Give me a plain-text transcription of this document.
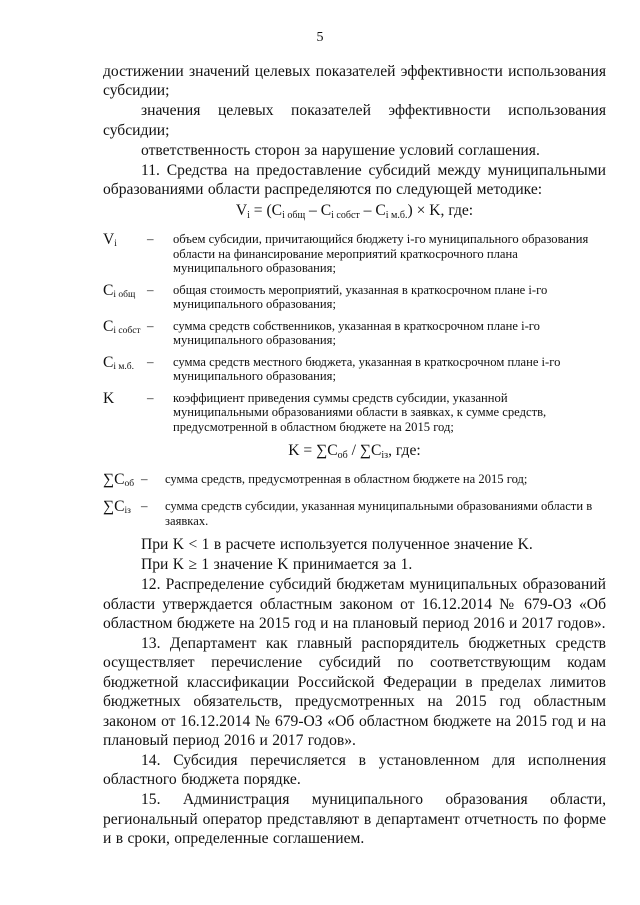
5

достижении значений целевых показателей эффективности использования субсидии;

значения целевых показателей эффективности использования субсидии;

ответственность сторон за нарушение условий соглашения.

11. Средства на предоставление субсидий между муниципальными образованиями области распределяются по следующей методике:

$V_i = (C_{i общ} - C_{i собст} - C_{i м.б.}) \times K$, где:
$V_i$	–	объем субсидии, причитающийся бюджету i-го муниципального образования области на финансирование мероприятий краткосрочного плана муниципального образования;
$C_{i общ}$ –	общая стоимость мероприятий, указанная в краткосрочном плане i-го муниципального образования;
$C_{i собст}$ –	сумма средств собственников, указанная в краткосрочном плане i-го муниципального образования;
$C_{i м.б.}$ –	сумма средств местного бюджета, указанная в краткосрочном плане i-го муниципального образования;
K	–	коэффициент приведения суммы средств субсидии, указанной муниципальными образованиями области в заявках, к сумме средств, предусмотренной в областном бюджете на 2015 год;
$K = \sum C_{об} / \sum C_{iз}$, где:
$\sum C_{об}$ –	сумма средств, предусмотренная в областном бюджете на 2015 год;
$\sum C_{iз}$ –	сумма средств субсидии, указанная муниципальными образованиями области в заявках.

При K < 1 в расчете используется полученное значение K.

При K ≥ 1 значение K принимается за 1.

12. Распределение субсидий бюджетам муниципальных образований области утверждается областным законом от 16.12.2014 № 679-ОЗ «Об областном бюджете на 2015 год и на плановый период 2016 и 2017 годов».

13. Департамент как главный распорядитель бюджетных средств осуществляет перечисление субсидий по соответствующим кодам бюджетной классификации Российской Федерации в пределах лимитов бюджетных обязательств, предусмотренных на 2015 год областным законом от 16.12.2014 № 679-ОЗ «Об областном бюджете на 2015 год и на плановый период 2016 и 2017 годов».

14. Субсидия перечисляется в установленном для исполнения областного бюджета порядке.

15. Администрация муниципального образования области, региональный оператор представляют в департамент отчетность по форме и в сроки, определенные соглашением.
